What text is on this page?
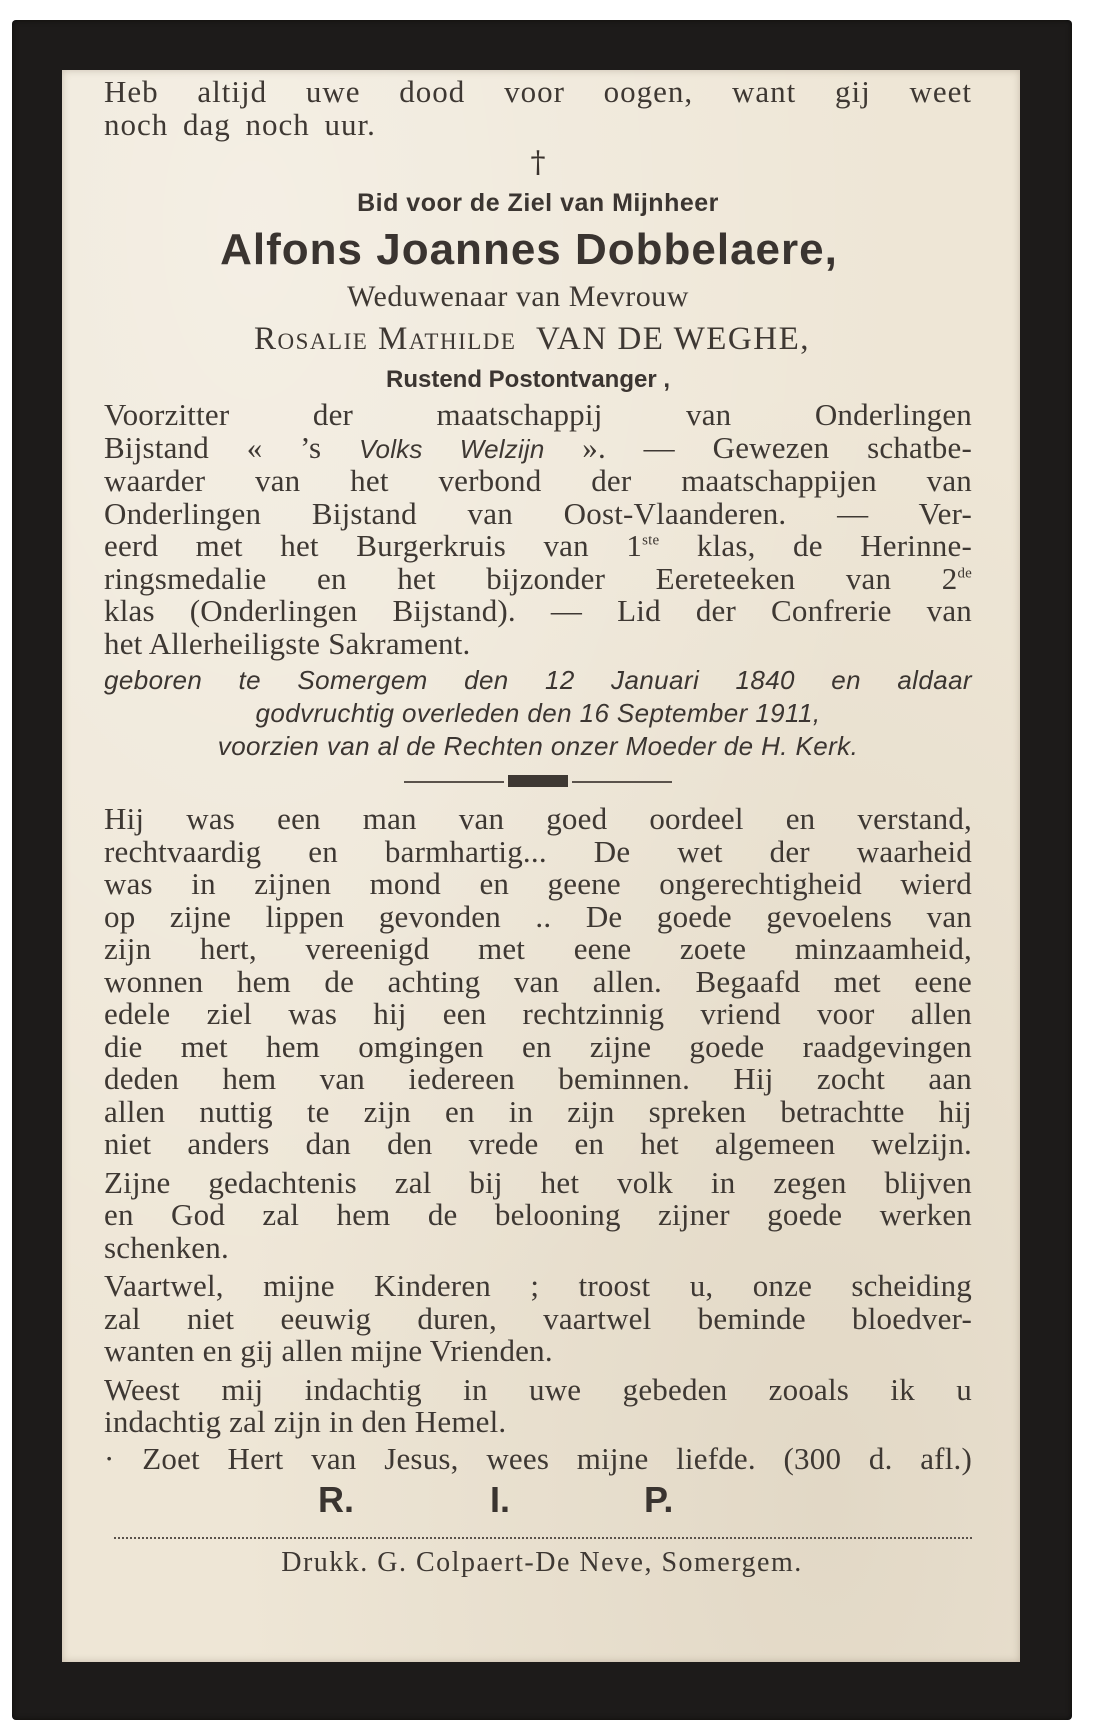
Heb altijd uwe dood voor oogen, want gij weet
noch dag noch uur.
†
Bid voor de Ziel van Mijnheer
Alfons Joannes Dobbelaere,
Weduwenaar van Mevrouw
Rosalie Mathilde VAN DE WEGHE,
Rustend Postontvanger ,
Voorzitter der maatschappij van Onderlingen
Bijstand « ’s Volks Welzijn ». — Gewezen schatbe-
waarder van het verbond der maatschappijen van
Onderlingen Bijstand van Oost-Vlaanderen. — Ver-
eerd met het Burgerkruis van 1ste klas, de Herinne-
ringsmedalie en het bijzonder Eereteeken van 2de
klas (Onderlingen Bijstand). — Lid der Confrerie van
het Allerheiligste Sakrament.
geboren te Somergem den 12 Januari 1840 en aldaar
godvruchtig overleden den 16 September 1911,
voorzien van al de Rechten onzer Moeder de H. Kerk.
Hij was een man van goed oordeel en verstand,
rechtvaardig en barmhartig... De wet der waarheid
was in zijnen mond en geene ongerechtigheid wierd
op zijne lippen gevonden .. De goede gevoelens van
zijn hert, vereenigd met eene zoete minzaamheid,
wonnen hem de achting van allen. Begaafd met eene
edele ziel was hij een rechtzinnig vriend voor allen
die met hem omgingen en zijne goede raadgevingen
deden hem van iedereen beminnen. Hij zocht aan
allen nuttig te zijn en in zijn spreken betrachtte hij
niet anders dan den vrede en het algemeen welzijn.
Zijne gedachtenis zal bij het volk in zegen blijven
en God zal hem de belooning zijner goede werken
schenken.
Vaartwel, mijne Kinderen ; troost u, onze scheiding
zal niet eeuwig duren, vaartwel beminde bloedver-
wanten en gij allen mijne Vrienden.
Weest mij indachtig in uwe gebeden zooals ik u
indachtig zal zijn in den Hemel.
· Zoet Hert van Jesus, wees mijne liefde. (300 d. afl.)
R.	I.	P.
Drukk. G. Colpaert-De Neve, Somergem.
